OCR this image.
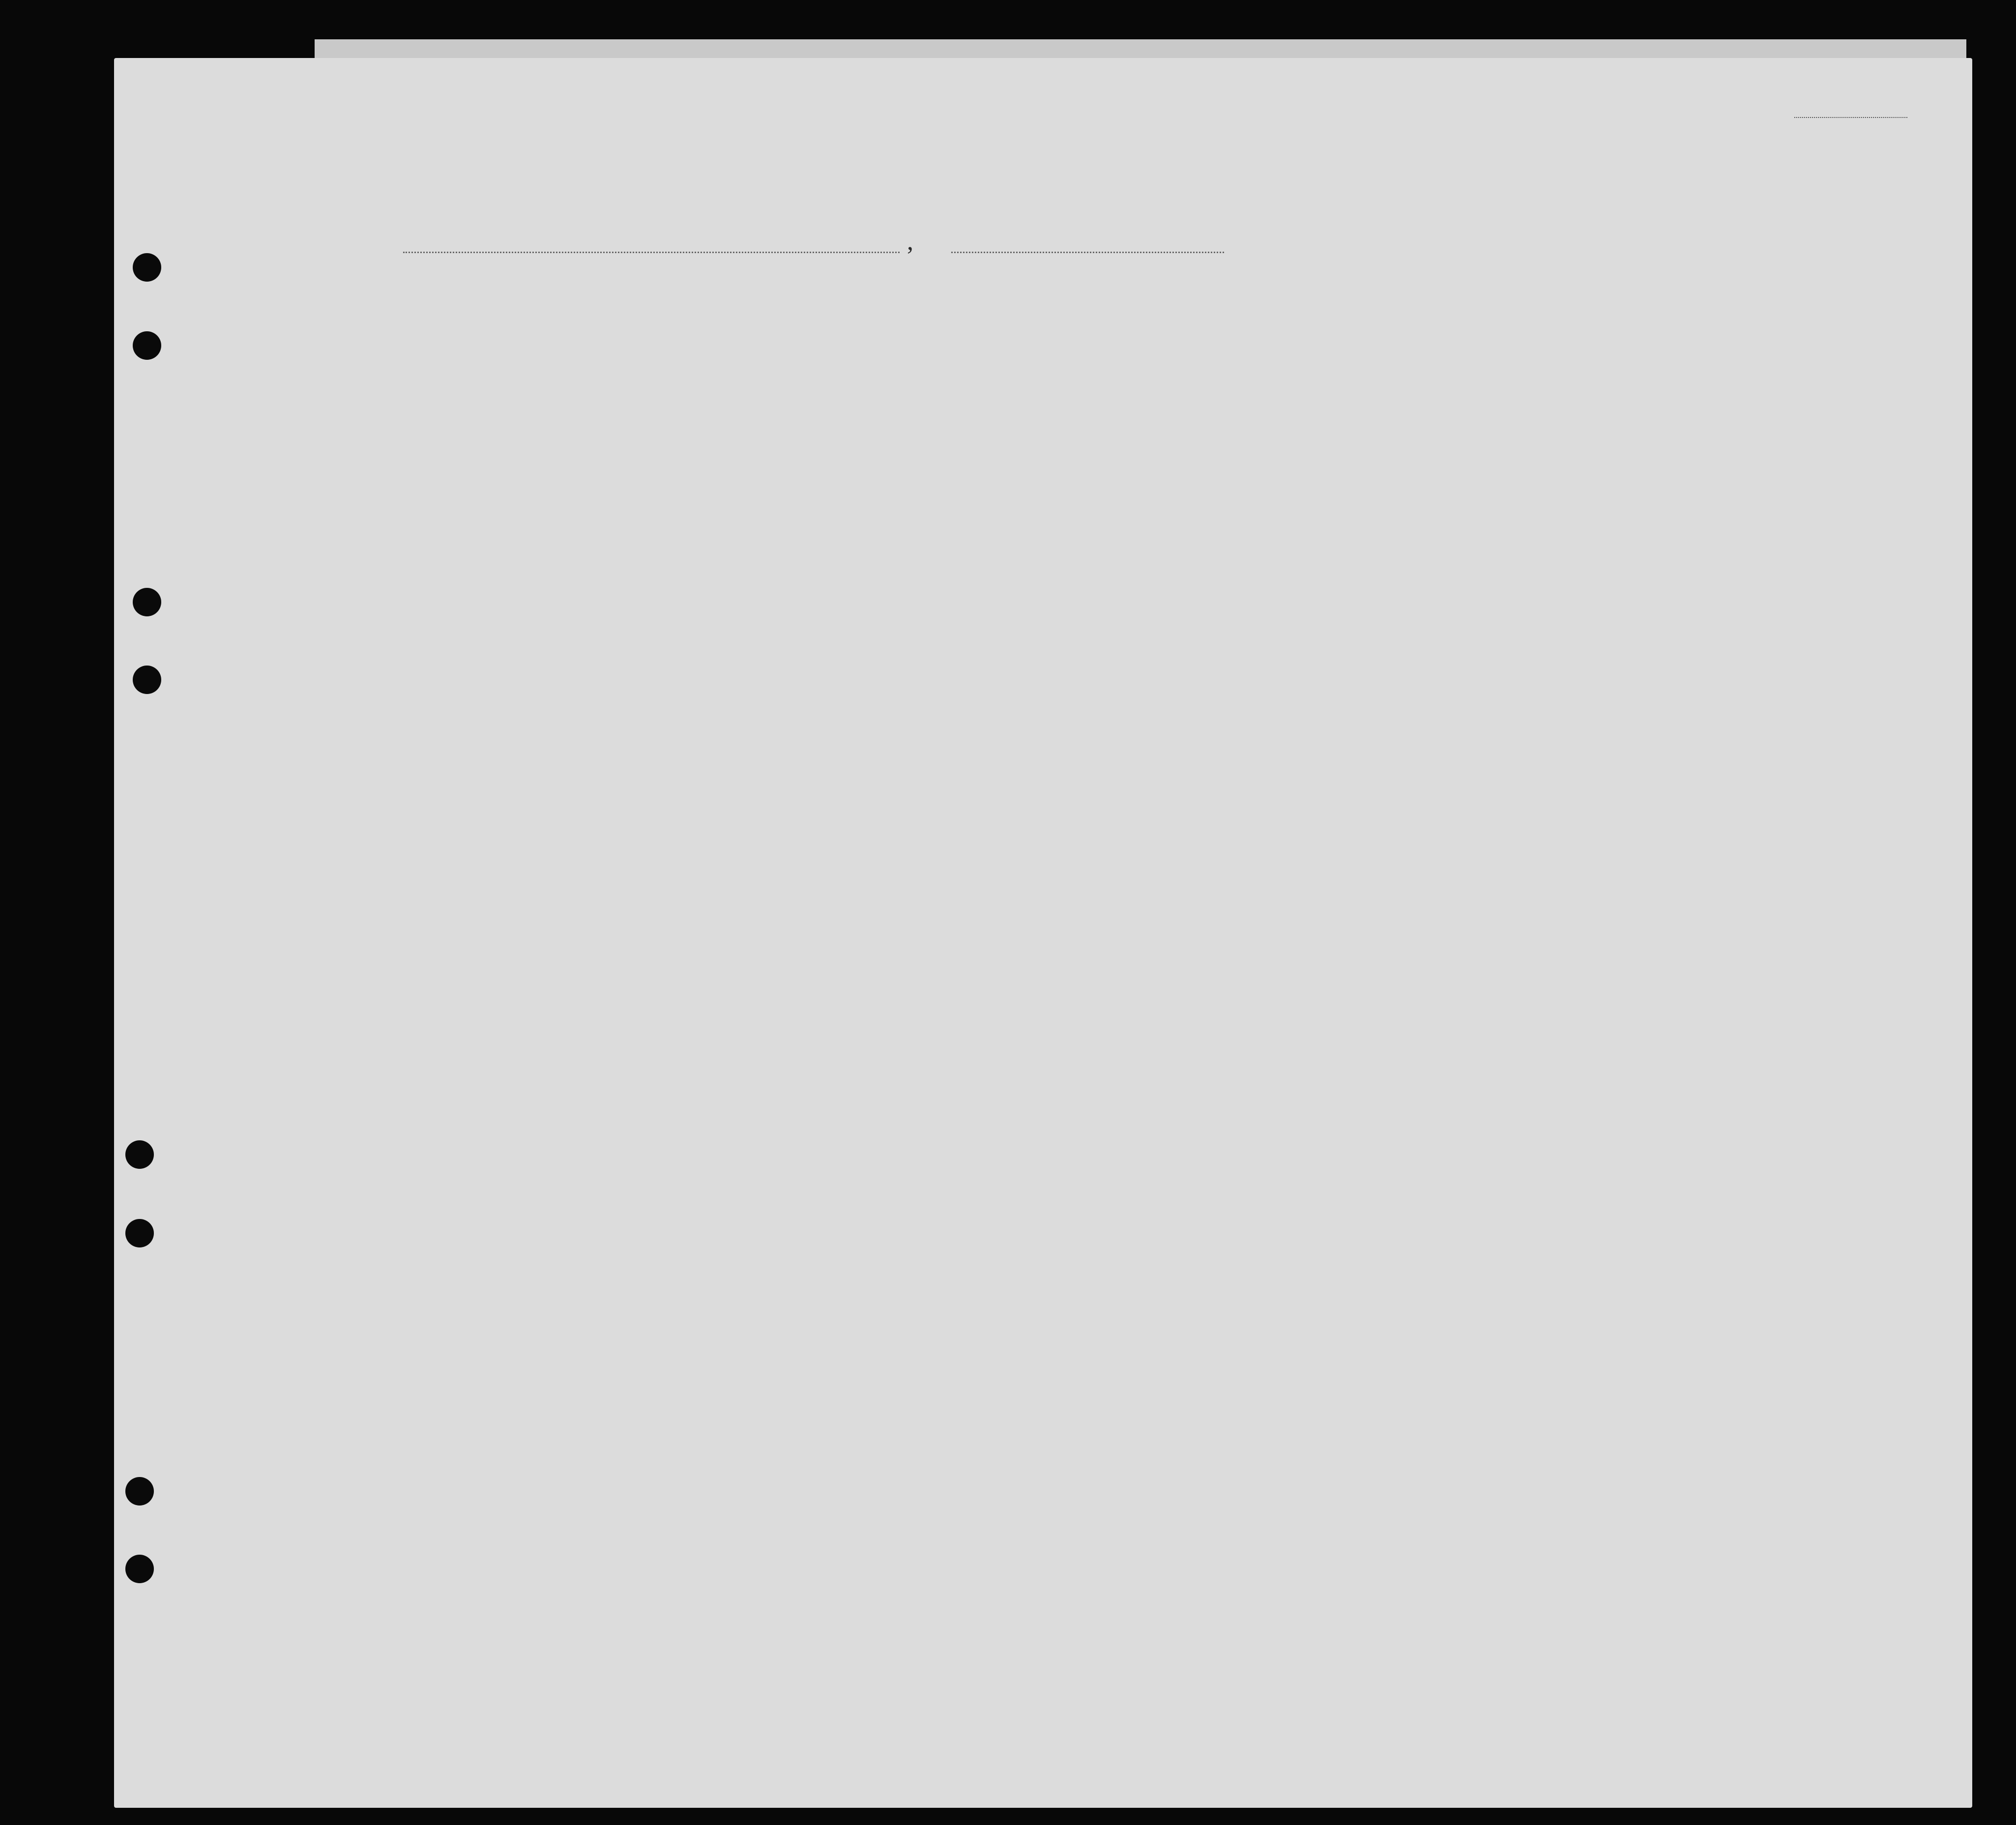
,
